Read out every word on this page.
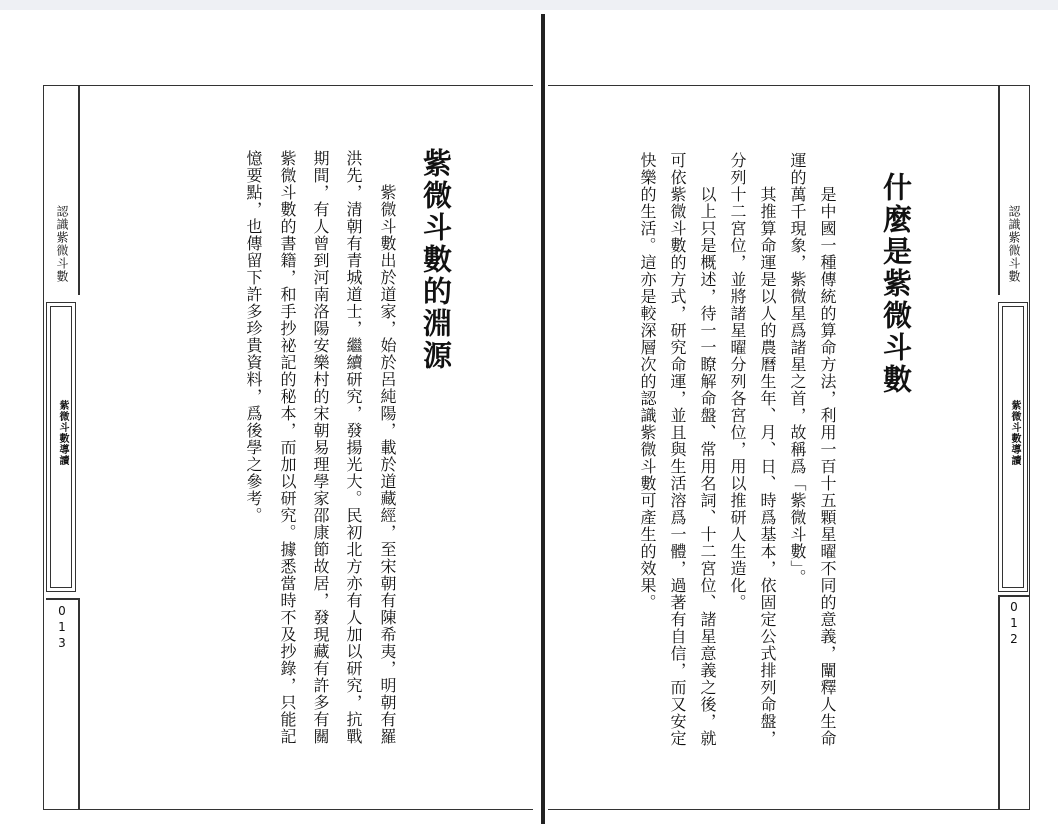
認識紫微斗數
紫微斗數導讀
013
紫微斗數的淵源
紫微斗數出於道家，始於呂純陽，載於道藏經，至宋朝有陳希夷，明朝有羅
洪先，清朝有青城道士，繼續研究，發揚光大。民初北方亦有人加以研究，抗戰
期間，有人曾到河南洛陽安樂村的宋朝易理學家邵康節故居，發現藏有許多有關
紫微斗數的書籍，和手抄祕記的秘本，而加以研究。據悉當時不及抄錄，只能記
憶要點，也傳留下許多珍貴資料，爲後學之參考。	認識紫微斗數
紫微斗數導讀
012
什麼是紫微斗數
是中國一種傳統的算命方法，利用一百十五顆星曜不同的意義，闡釋人生命
運的萬千現象，紫微星爲諸星之首，故稱爲「紫微斗數」。
其推算命運是以人的農曆生年、月、日、時爲基本，依固定公式排列命盤，
分列十二宮位，並將諸星曜分列各宮位，用以推研人生造化。
以上只是概述，待一一瞭解命盤、常用名詞、十二宮位、諸星意義之後，就
可依紫微斗數的方式，研究命運，並且與生活溶爲一體，過著有自信，而又安定
快樂的生活。這亦是較深層次的認識紫微斗數可產生的效果。
